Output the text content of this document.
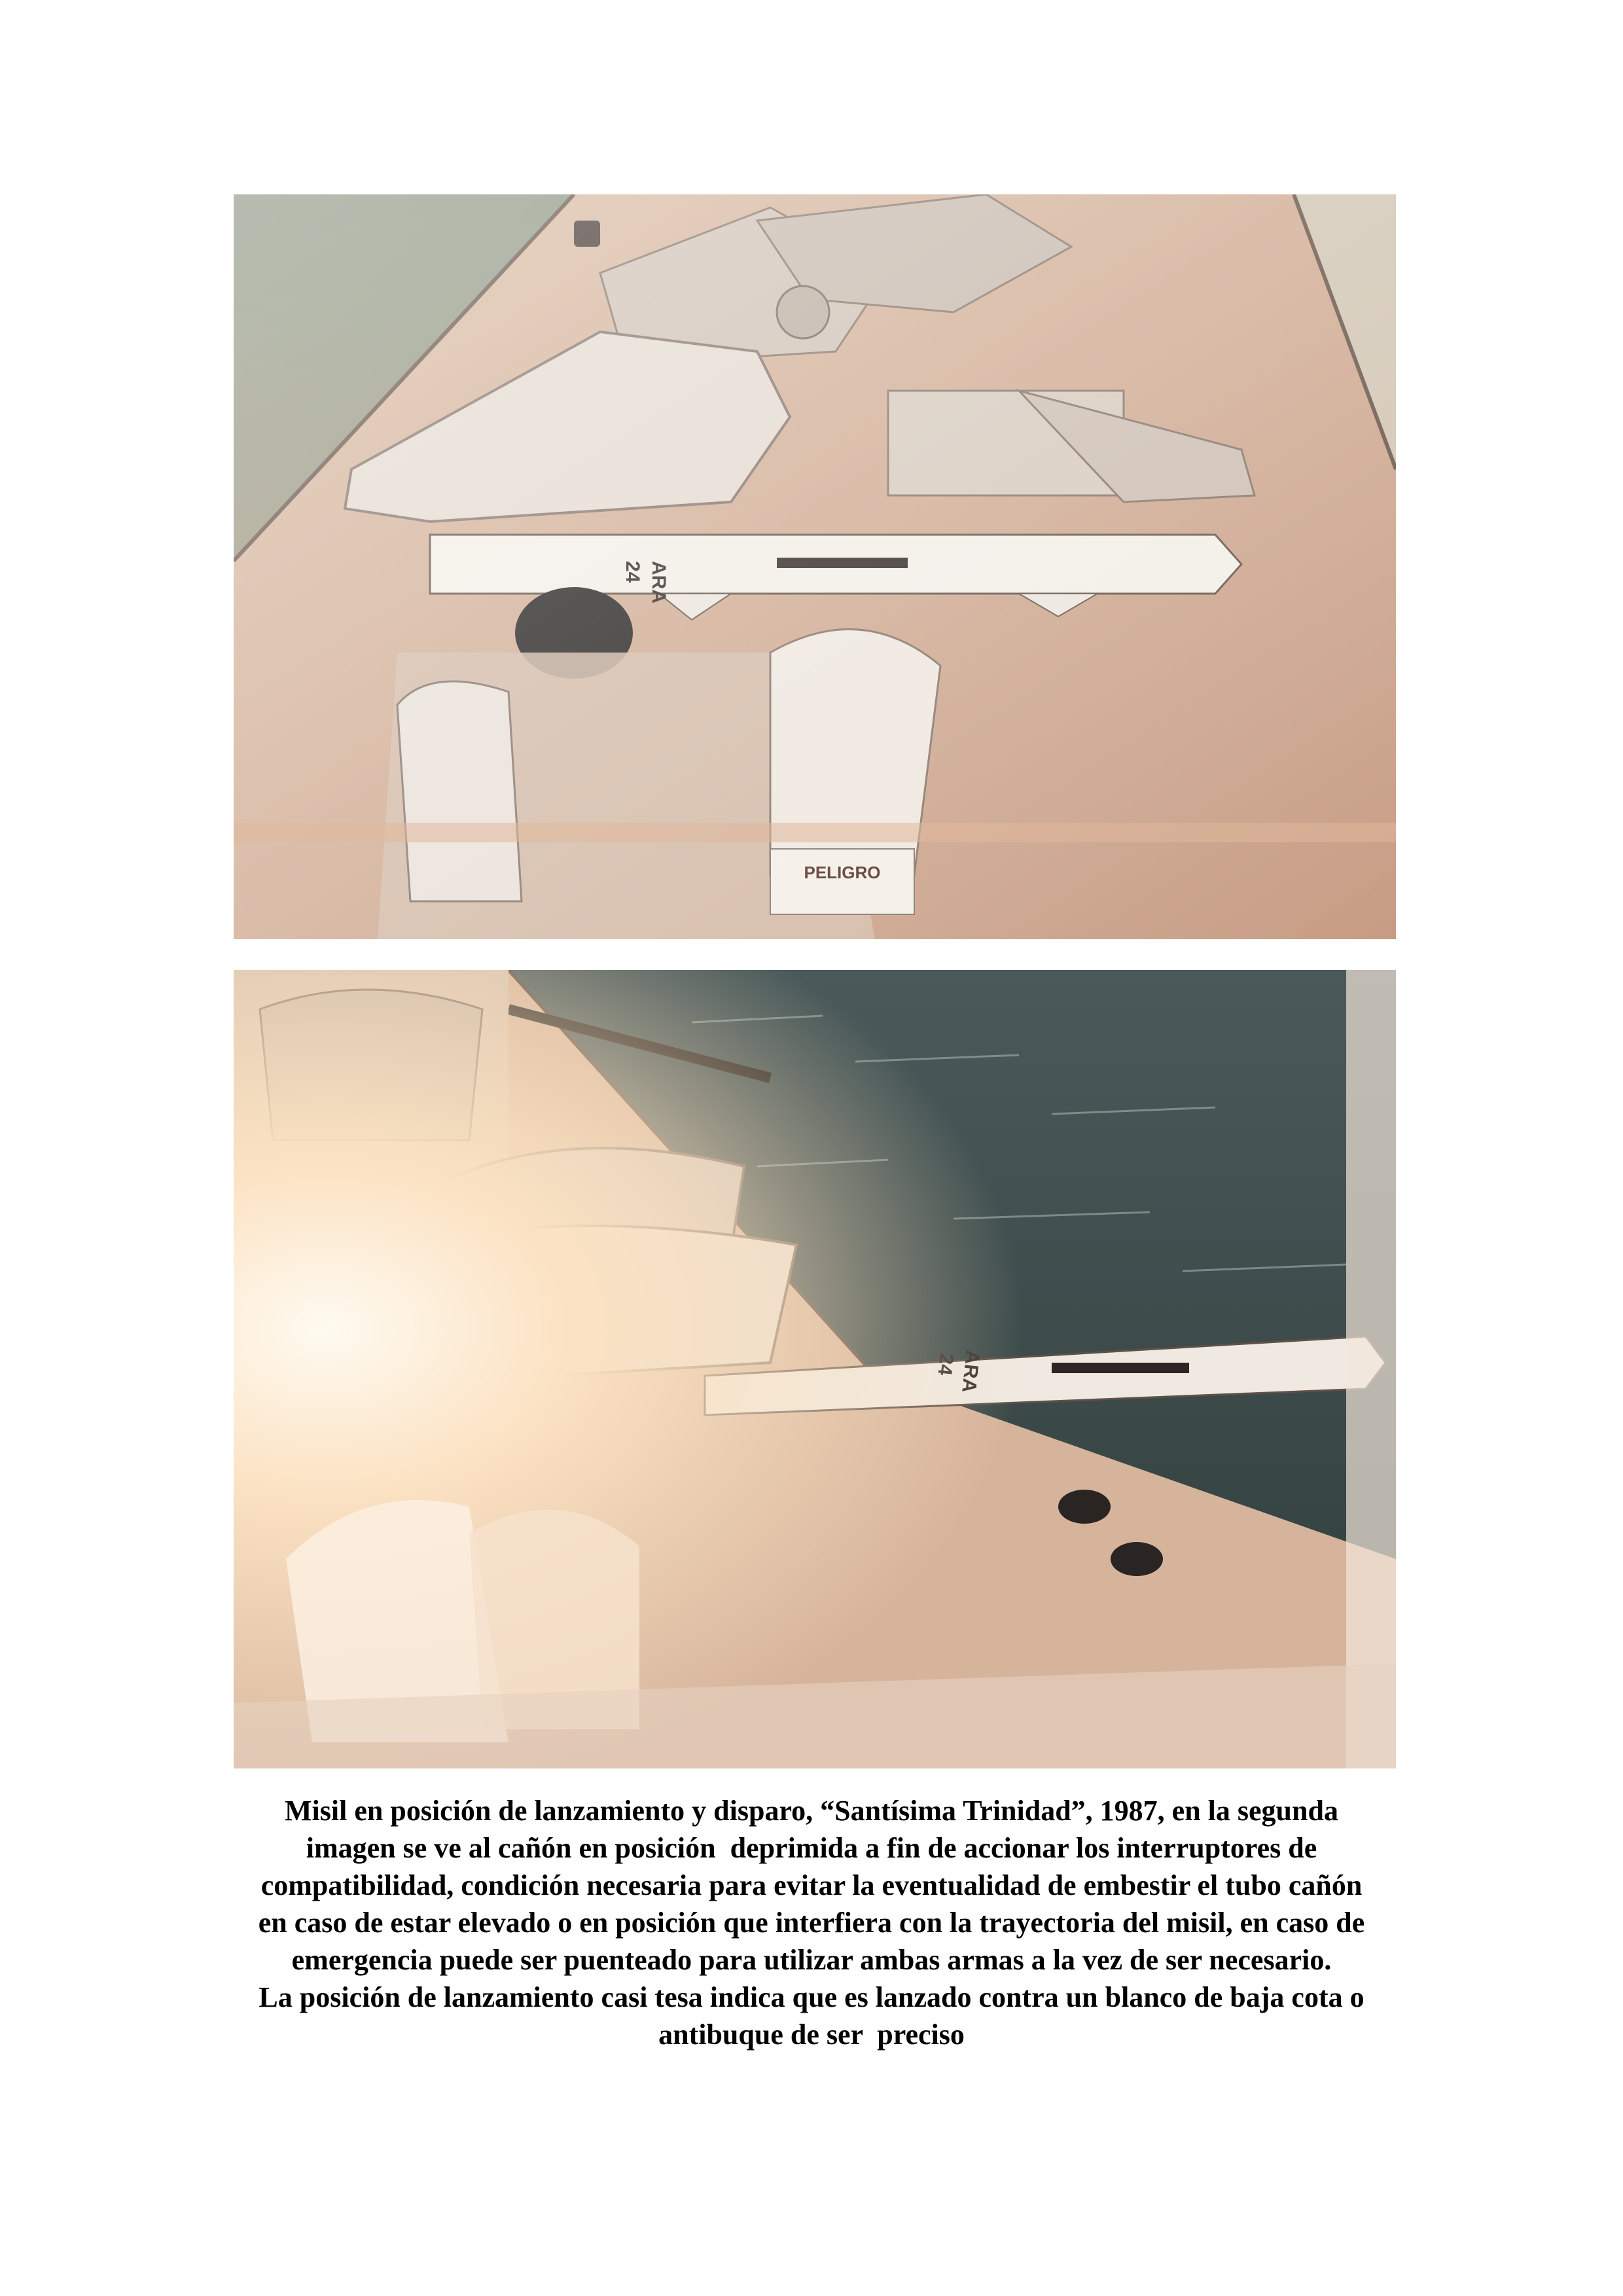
Misil en posición de lanzamiento y disparo, “Santísima Trinidad”, 1987, en la segunda
imagen se ve al cañón en posición  deprimida a fin de accionar los interruptores de
compatibilidad, condición necesaria para evitar la eventualidad de embestir el tubo cañón
en caso de estar elevado o en posición que interfiera con la trayectoria del misil, en caso de
emergencia puede ser puenteado para utilizar ambas armas a la vez de ser necesario.
La posición de lanzamiento casi tesa indica que es lanzado contra un blanco de baja cota o
antibuque de ser  preciso
